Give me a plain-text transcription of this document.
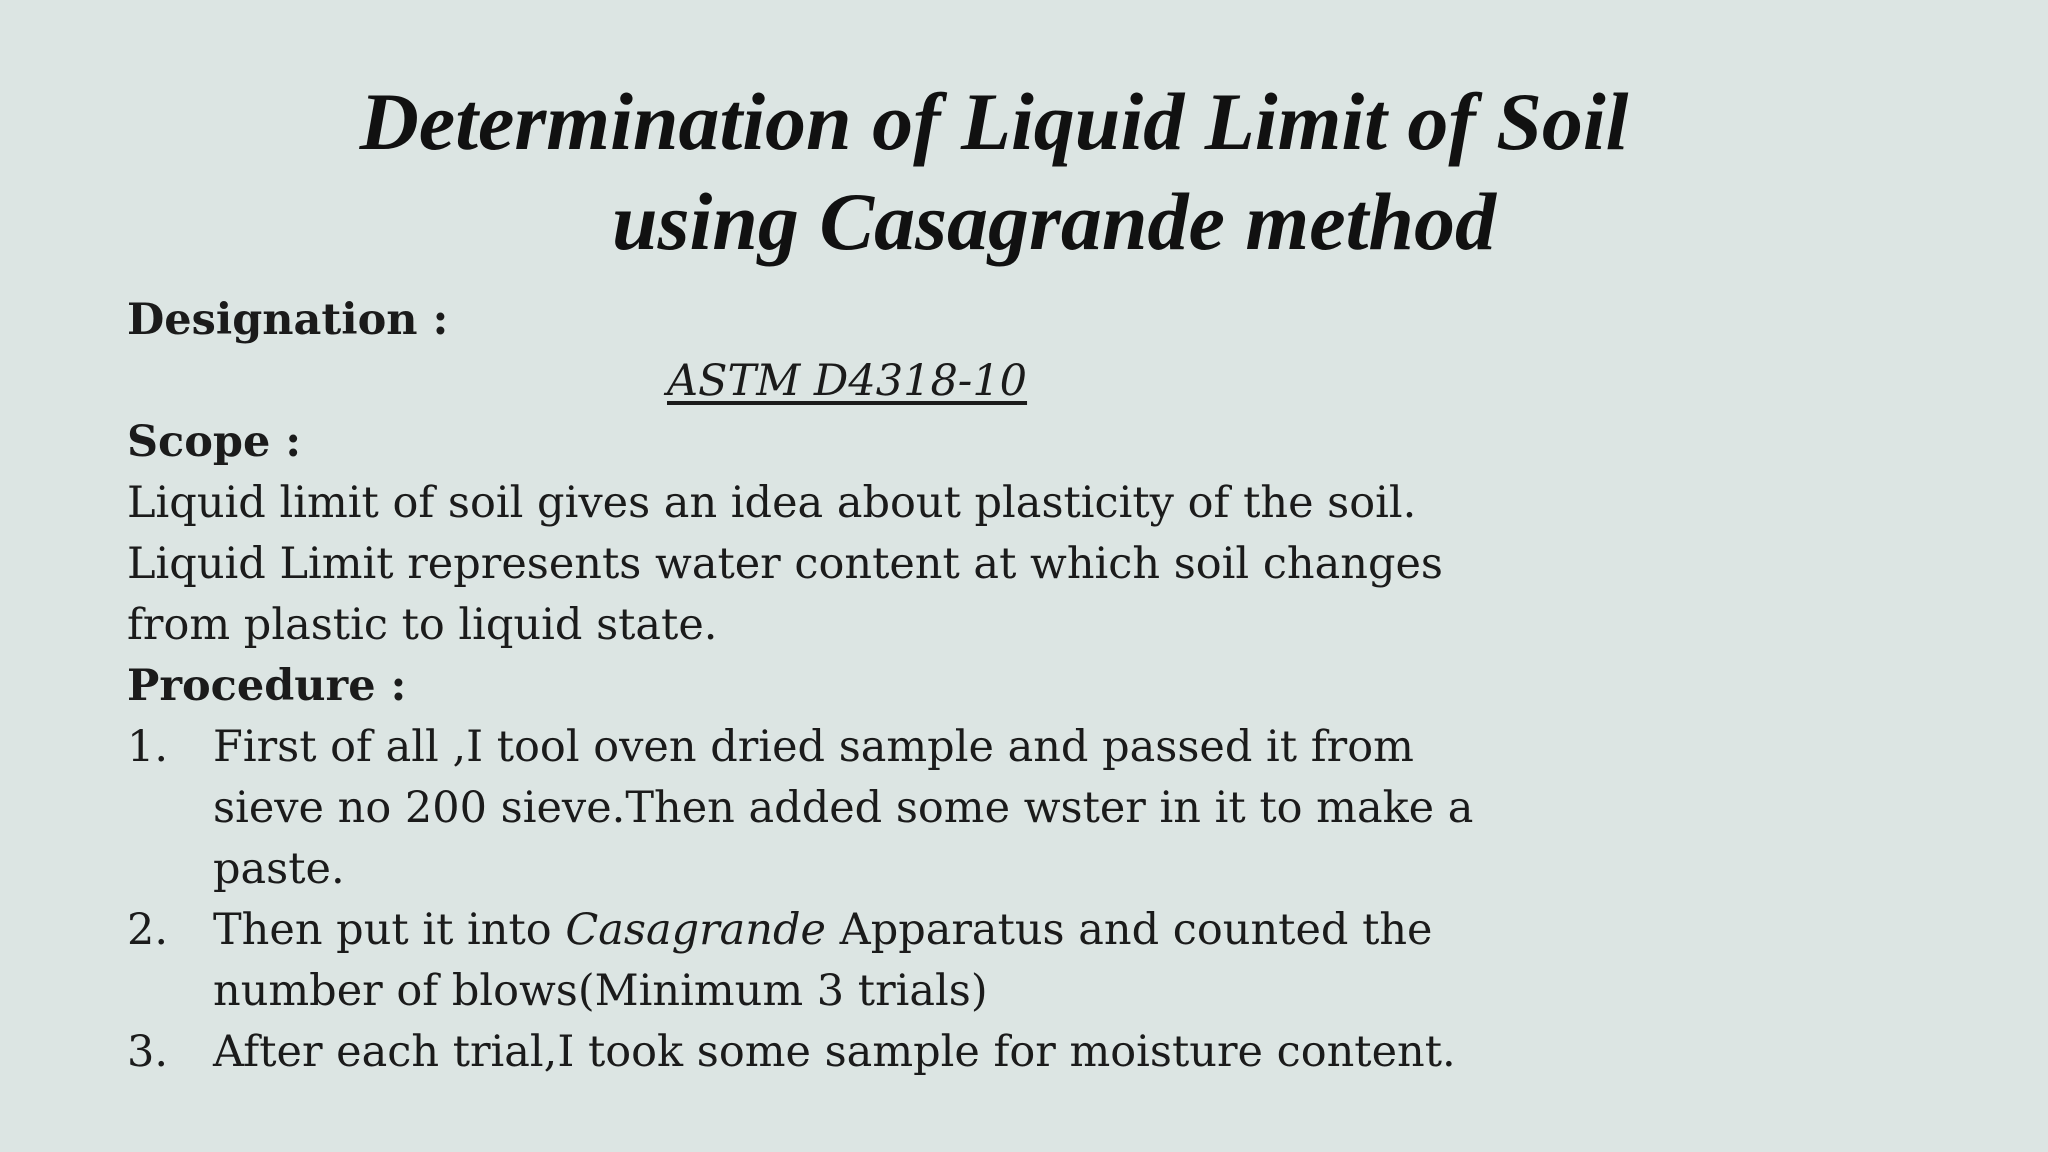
Determination of Liquid Limit of Soil
using Casagrande method
Designation :
ASTM D4318-10
Scope :
Liquid limit of soil gives an idea about plasticity of the soil. Liquid Limit represents water content at which soil changes from plastic to liquid state.
Procedure :
1.	First of all ,I tool oven dried sample and passed it from sieve no 200 sieve.Then added some wster in it to make a paste.
2.	Then put it into Casagrande Apparatus and counted the number of blows(Minimum 3 trials)
3.	After each trial,I took some sample for moisture content.
